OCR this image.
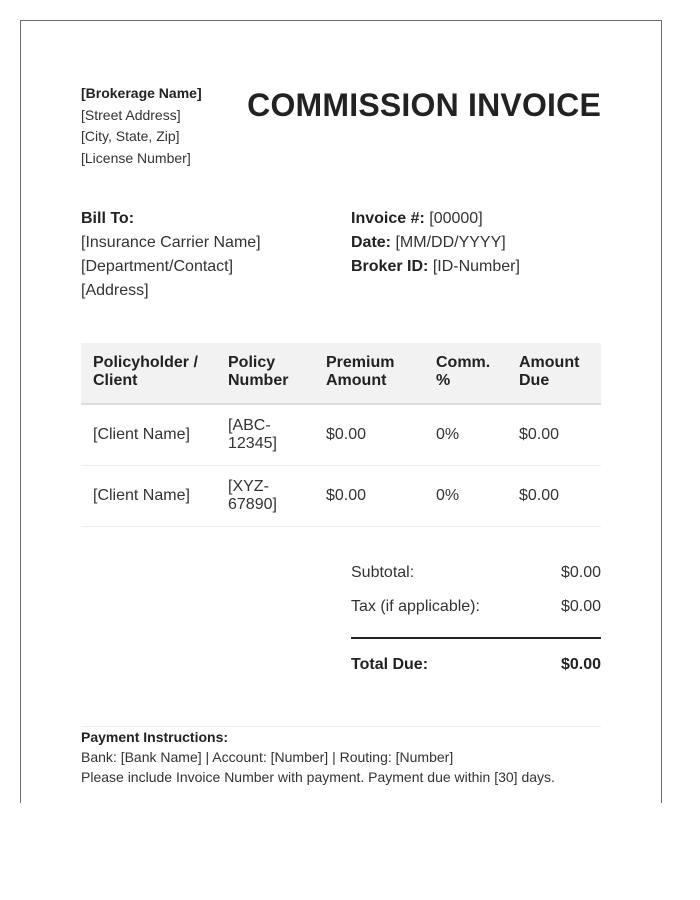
[Brokerage Name]
[Street Address]
[City, State, Zip]
[License Number]
COMMISSION INVOICE
Bill To:
[Insurance Carrier Name]
[Department/Contact]
[Address]
Invoice #: [00000]
Date: [MM/DD/YYYY]
Broker ID: [ID-Number]
Policyholder / Client	Policy Number	Premium Amount	Comm. %	Amount Due
[Client Name]	[ABC-12345]	$0.00	0%	$0.00
[Client Name]	[XYZ-67890]	$0.00	0%	$0.00
Subtotal:	$0.00
Tax (if applicable):	$0.00
Total Due:	$0.00
Payment Instructions:
Bank: [Bank Name] | Account: [Number] | Routing: [Number]
Please include Invoice Number with payment. Payment due within [30] days.
